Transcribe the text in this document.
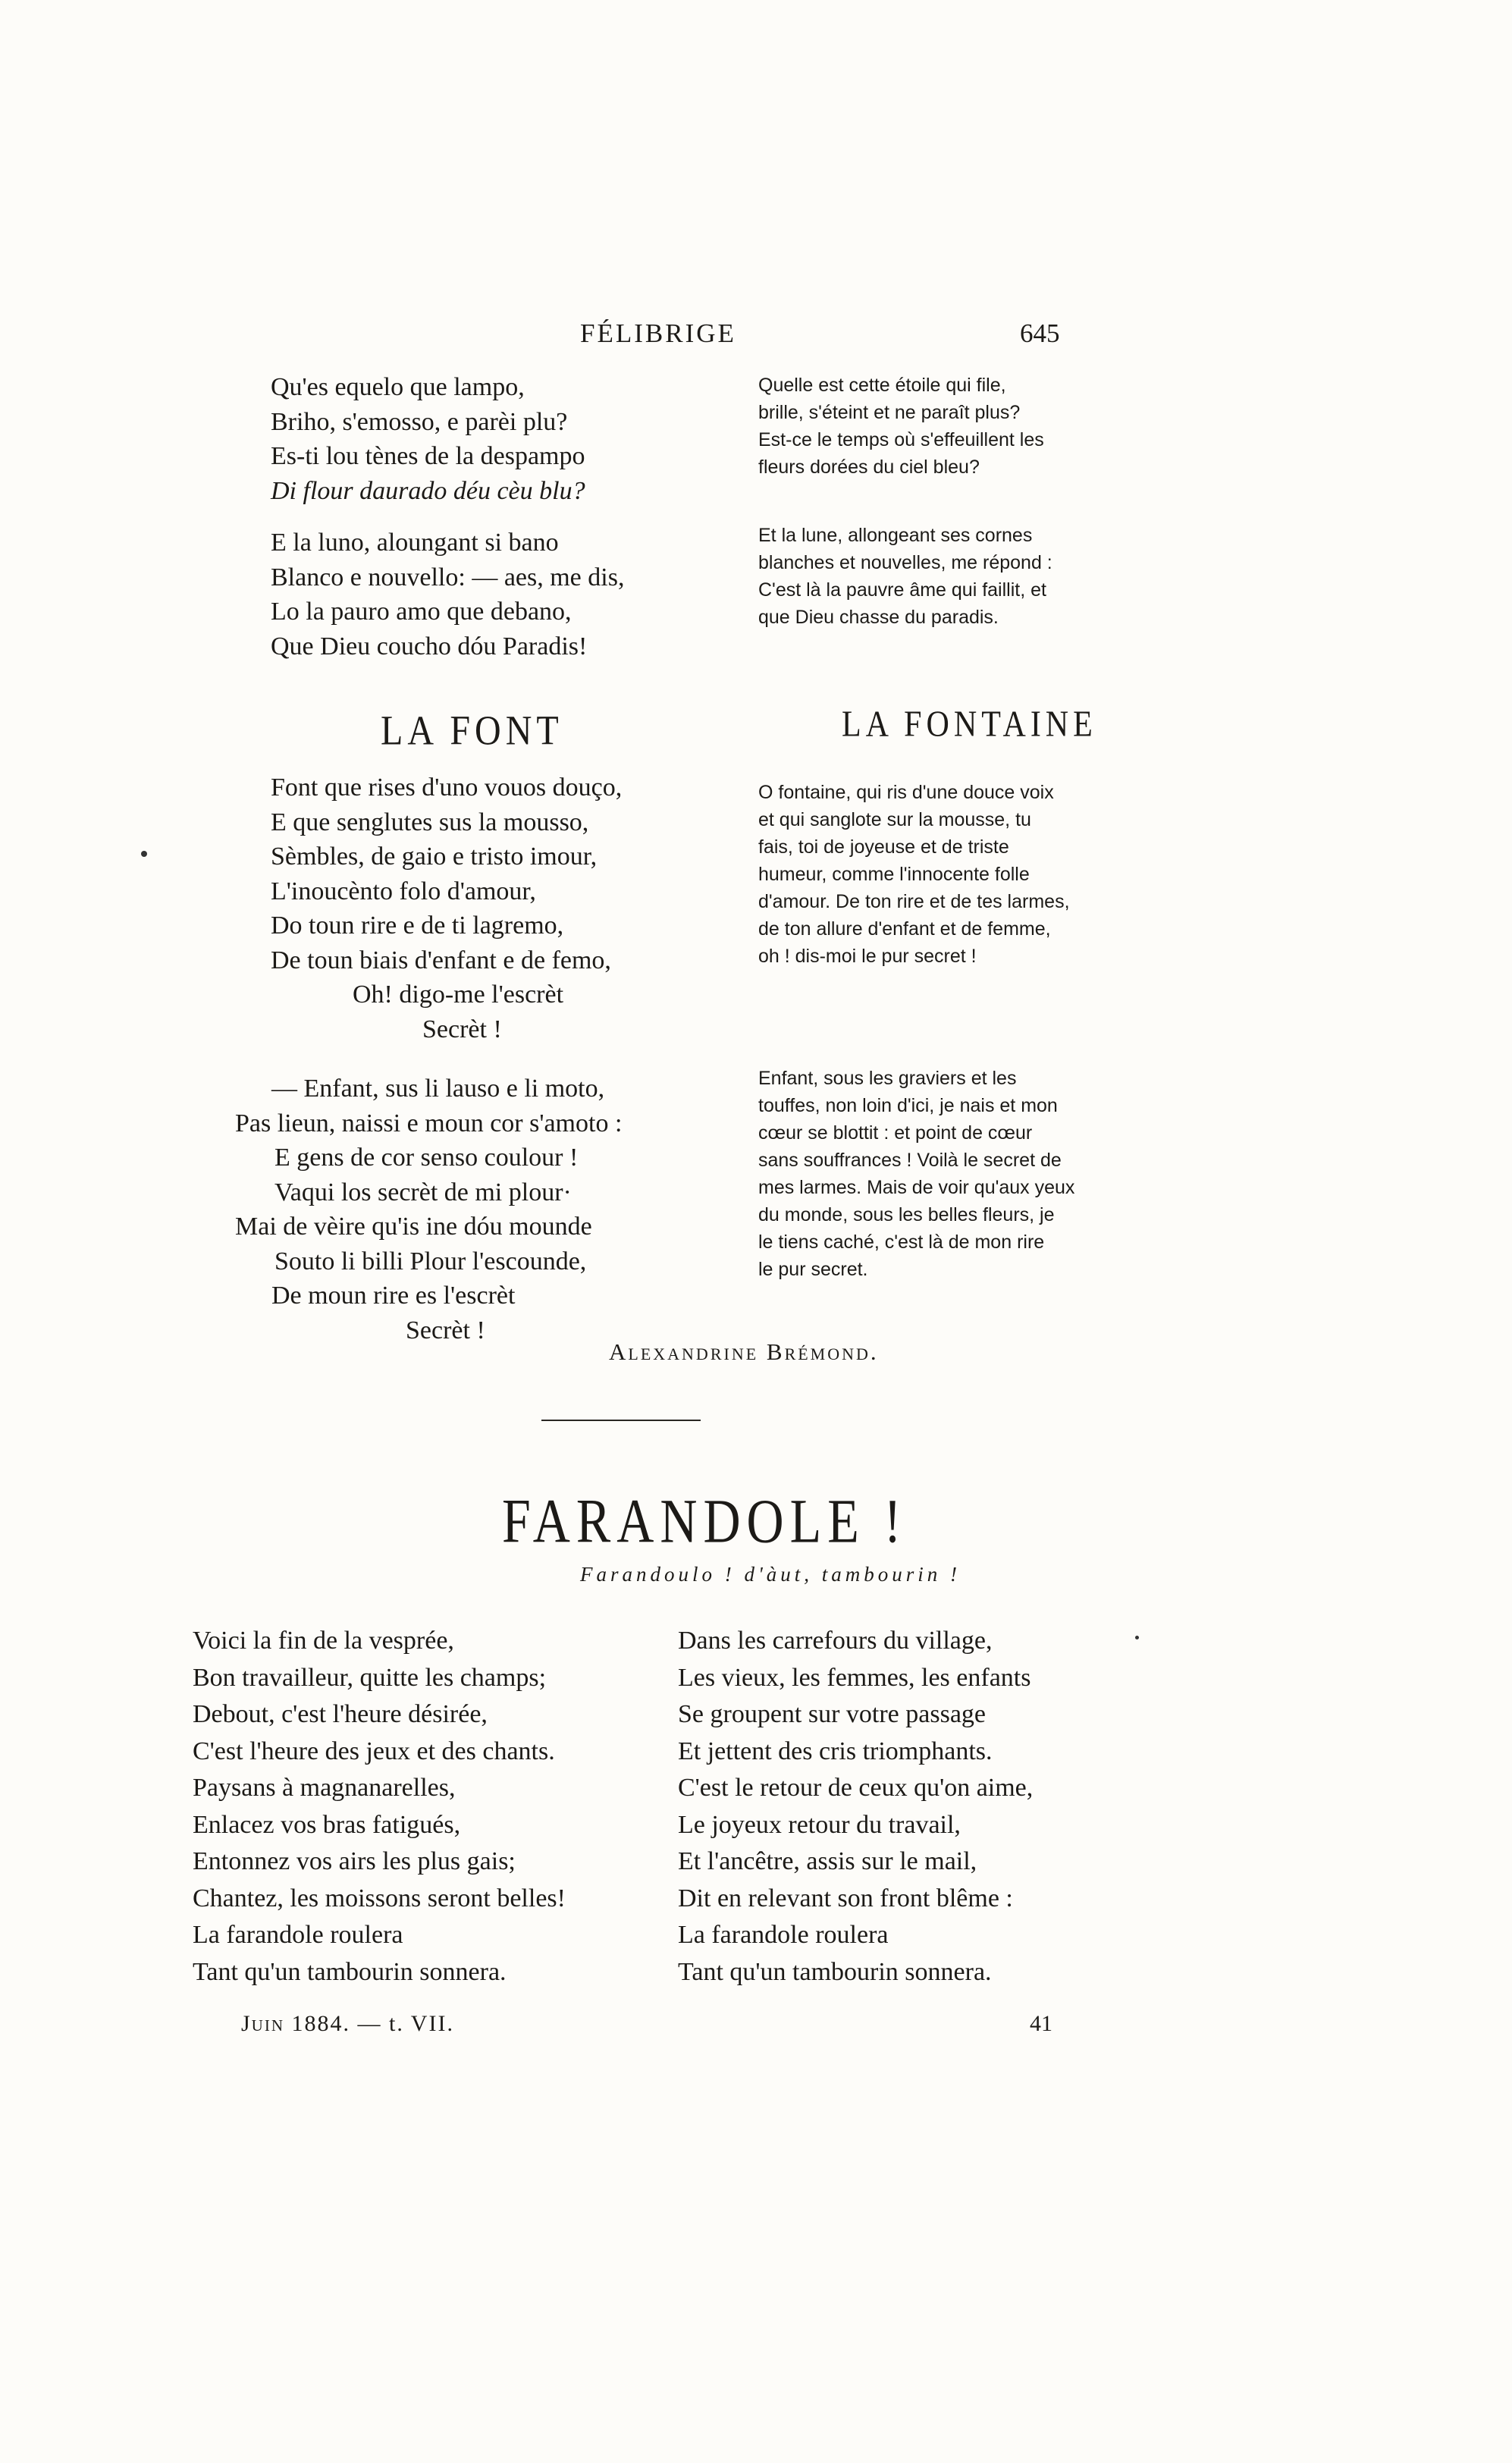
FÉLIBRIGE	645
Qu'es equelo que lampo,
Briho, s'emosso, e parèi plu?
Es-ti lou tènes de la despampo
Di flour daurado déu cèu blu?
Quelle est cette étoile qui file,
brille, s'éteint et ne paraît plus?
Est-ce le temps où s'effeuillent les
fleurs dorées du ciel bleu?
E la luno, aloungant si bano
Blanco e nouvello: — aes, me dis,
Lo la pauro amo que debano,
Que Dieu coucho dóu Paradis!
Et la lune, allongeant ses cornes
blanches et nouvelles, me répond :
C'est là la pauvre âme qui faillit, et
que Dieu chasse du paradis.
LA FONT	LA FONTAINE
Font que rises d'uno vouos douço,
E que senglutes sus la mousso,
Sèmbles, de gaio e tristo imour,
L'inoucènto folo d'amour,
Do toun rire e de ti lagremo,
De toun biais d'enfant e de femo,
Oh! digo-me l'escrèt
Secrèt !
O fontaine, qui ris d'une douce voix
et qui sanglote sur la mousse, tu
fais, toi de joyeuse et de triste
humeur, comme l'innocente folle
d'amour. De ton rire et de tes larmes,
de ton allure d'enfant et de femme,
oh ! dis-moi le pur secret !
— Enfant, sus li lauso e li moto,
Pas lieun, naissi e moun cor s'amoto :
E gens de cor senso coulour !
Vaqui los secrèt de mi plour·
Mai de vèire qu'is ine dóu mounde
Souto li billi Plour l'escounde,
De moun rire es l'escrèt
Secrèt !
Enfant, sous les graviers et les
touffes, non loin d'ici, je nais et mon
cœur se blottit : et point de cœur
sans souffrances ! Voilà le secret de
mes larmes. Mais de voir qu'aux yeux
du monde, sous les belles fleurs, je
le tiens caché, c'est là de mon rire
le pur secret.
Alexandrine Brémond.
FARANDOLE !
Farandoulo ! d'àut, tambourin !
Voici la fin de la vesprée,
Bon travailleur, quitte les champs;
Debout, c'est l'heure désirée,
C'est l'heure des jeux et des chants.
Paysans à magnanarelles,
Enlacez vos bras fatigués,
Entonnez vos airs les plus gais;
Chantez, les moissons seront belles!
La farandole roulera
Tant qu'un tambourin sonnera.
Dans les carrefours du village,
Les vieux, les femmes, les enfants
Se groupent sur votre passage
Et jettent des cris triomphants.
C'est le retour de ceux qu'on aime,
Le joyeux retour du travail,
Et l'ancêtre, assis sur le mail,
Dit en relevant son front blême :
La farandole roulera
Tant qu'un tambourin sonnera.
Juin 1884. — t. VII.	41
